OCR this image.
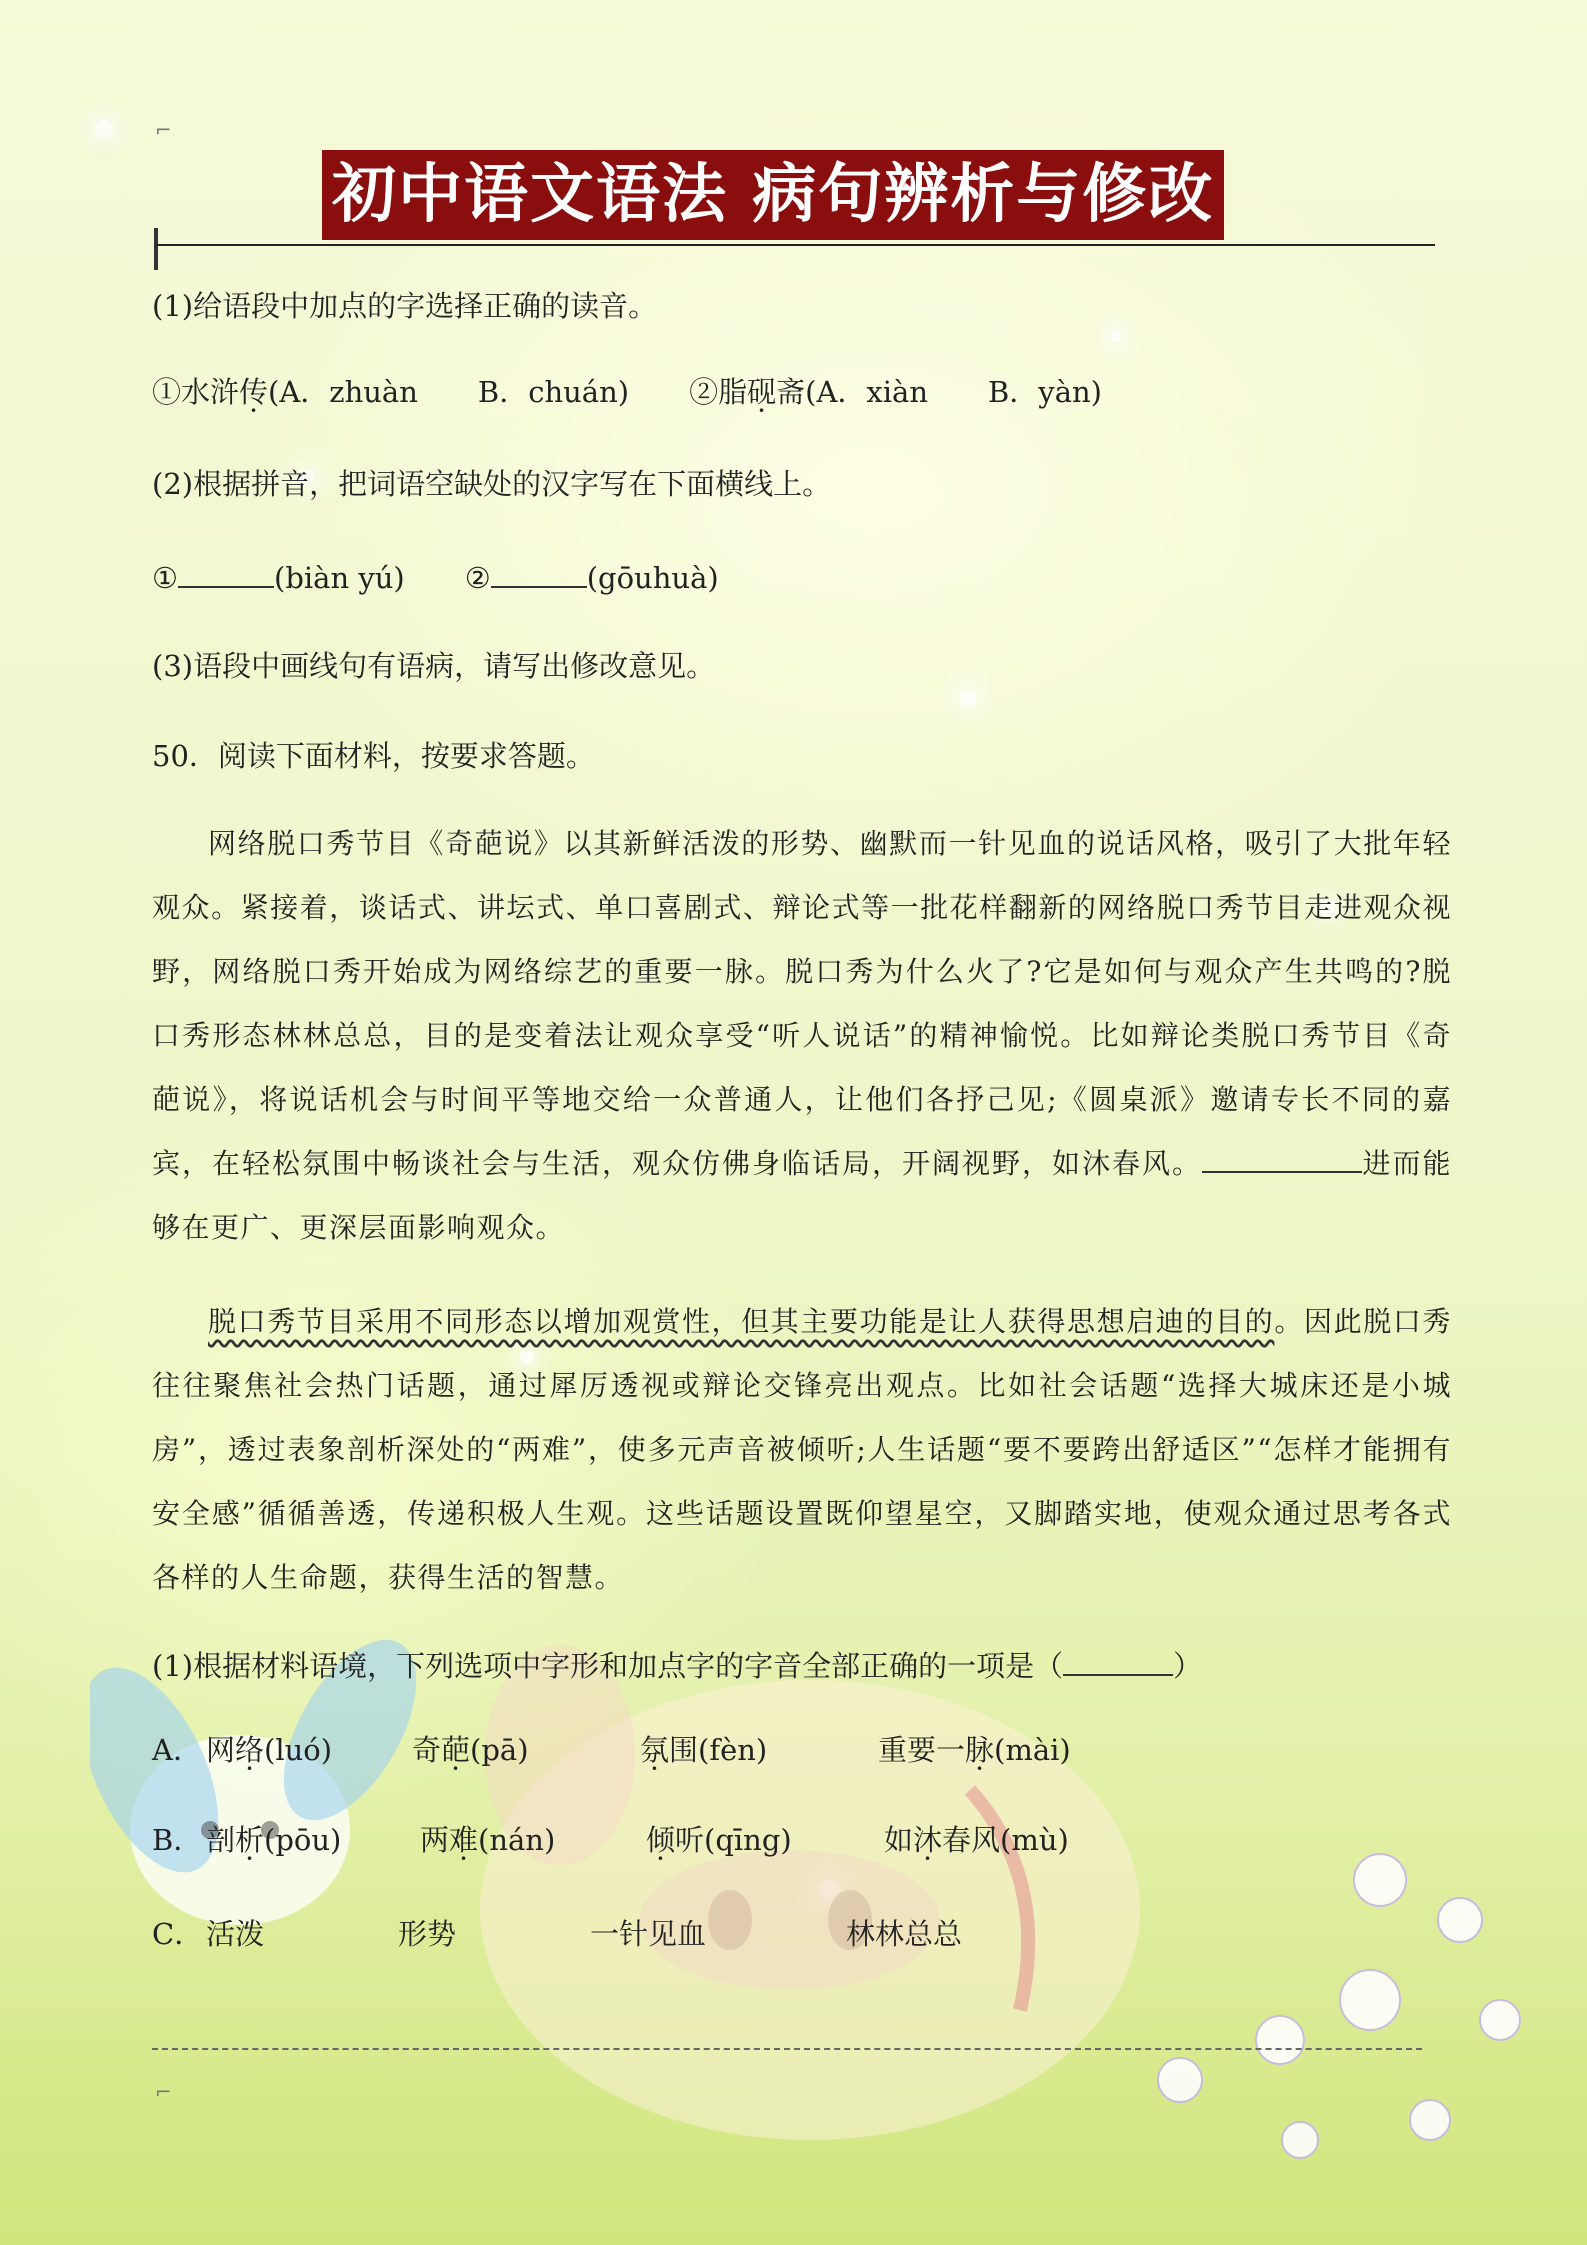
⌐
⌐
初中语文语法 病句辨析与修改
(1)给语段中加点的字选择正确的读音。
①水浒传(A．zhuàn B．chuán) ②脂砚斋(A．xiàn B．yàn)
(2)根据拼音，把词语空缺处的汉字写在下面横线上。
①	(biàn yú) ②	(gōuhuà)
(3)语段中画线句有语病，请写出修改意见。
50．阅读下面材料，按要求答题。
网络脱口秀节目《奇葩说》以其新鲜活泼的形势、幽默而一针见血的说话风格，吸引了大批年轻观众。紧接着，谈话式、讲坛式、单口喜剧式、辩论式等一批花样翻新的网络脱口秀节目走进观众视野，网络脱口秀开始成为网络综艺的重要一脉。脱口秀为什么火了?它是如何与观众产生共鸣的?脱口秀形态林林总总，目的是变着法让观众享受“听人说话”的精神愉悦。比如辩论类脱口秀节目《奇葩说》，将说话机会与时间平等地交给一众普通人，让他们各抒己见;《圆桌派》邀请专长不同的嘉宾，在轻松氛围中畅谈社会与生活，观众仿佛身临话局，开阔视野，如沐春风。	进而能够在更广、更深层面影响观众。
脱口秀节目采用不同形态以增加观赏性，但其主要功能是让人获得思想启迪的目的。因此脱口秀往往聚焦社会热门话题，通过犀厉透视或辩论交锋亮出观点。比如社会话题“选择大城床还是小城房”，透过表象剖析深处的“两难”，使多元声音被倾听;人生话题“要不要跨出舒适区”“怎样才能拥有安全感”循循善透，传递积极人生观。这些话题设置既仰望星空，又脚踏实地，使观众通过思考各式各样的人生命题，获得生活的智慧。
(1)根据材料语境，下列选项中字形和加点字的字音全部正确的一项是（	）
A． 网络(luó)	奇葩(pā)	氛围(fèn)	重要一脉(mài)
B． 剖析(pōu)	两难(nán)	倾听(qīng)	如沐春风(mù)
C． 活泼	形势	一针见血	林林总总
